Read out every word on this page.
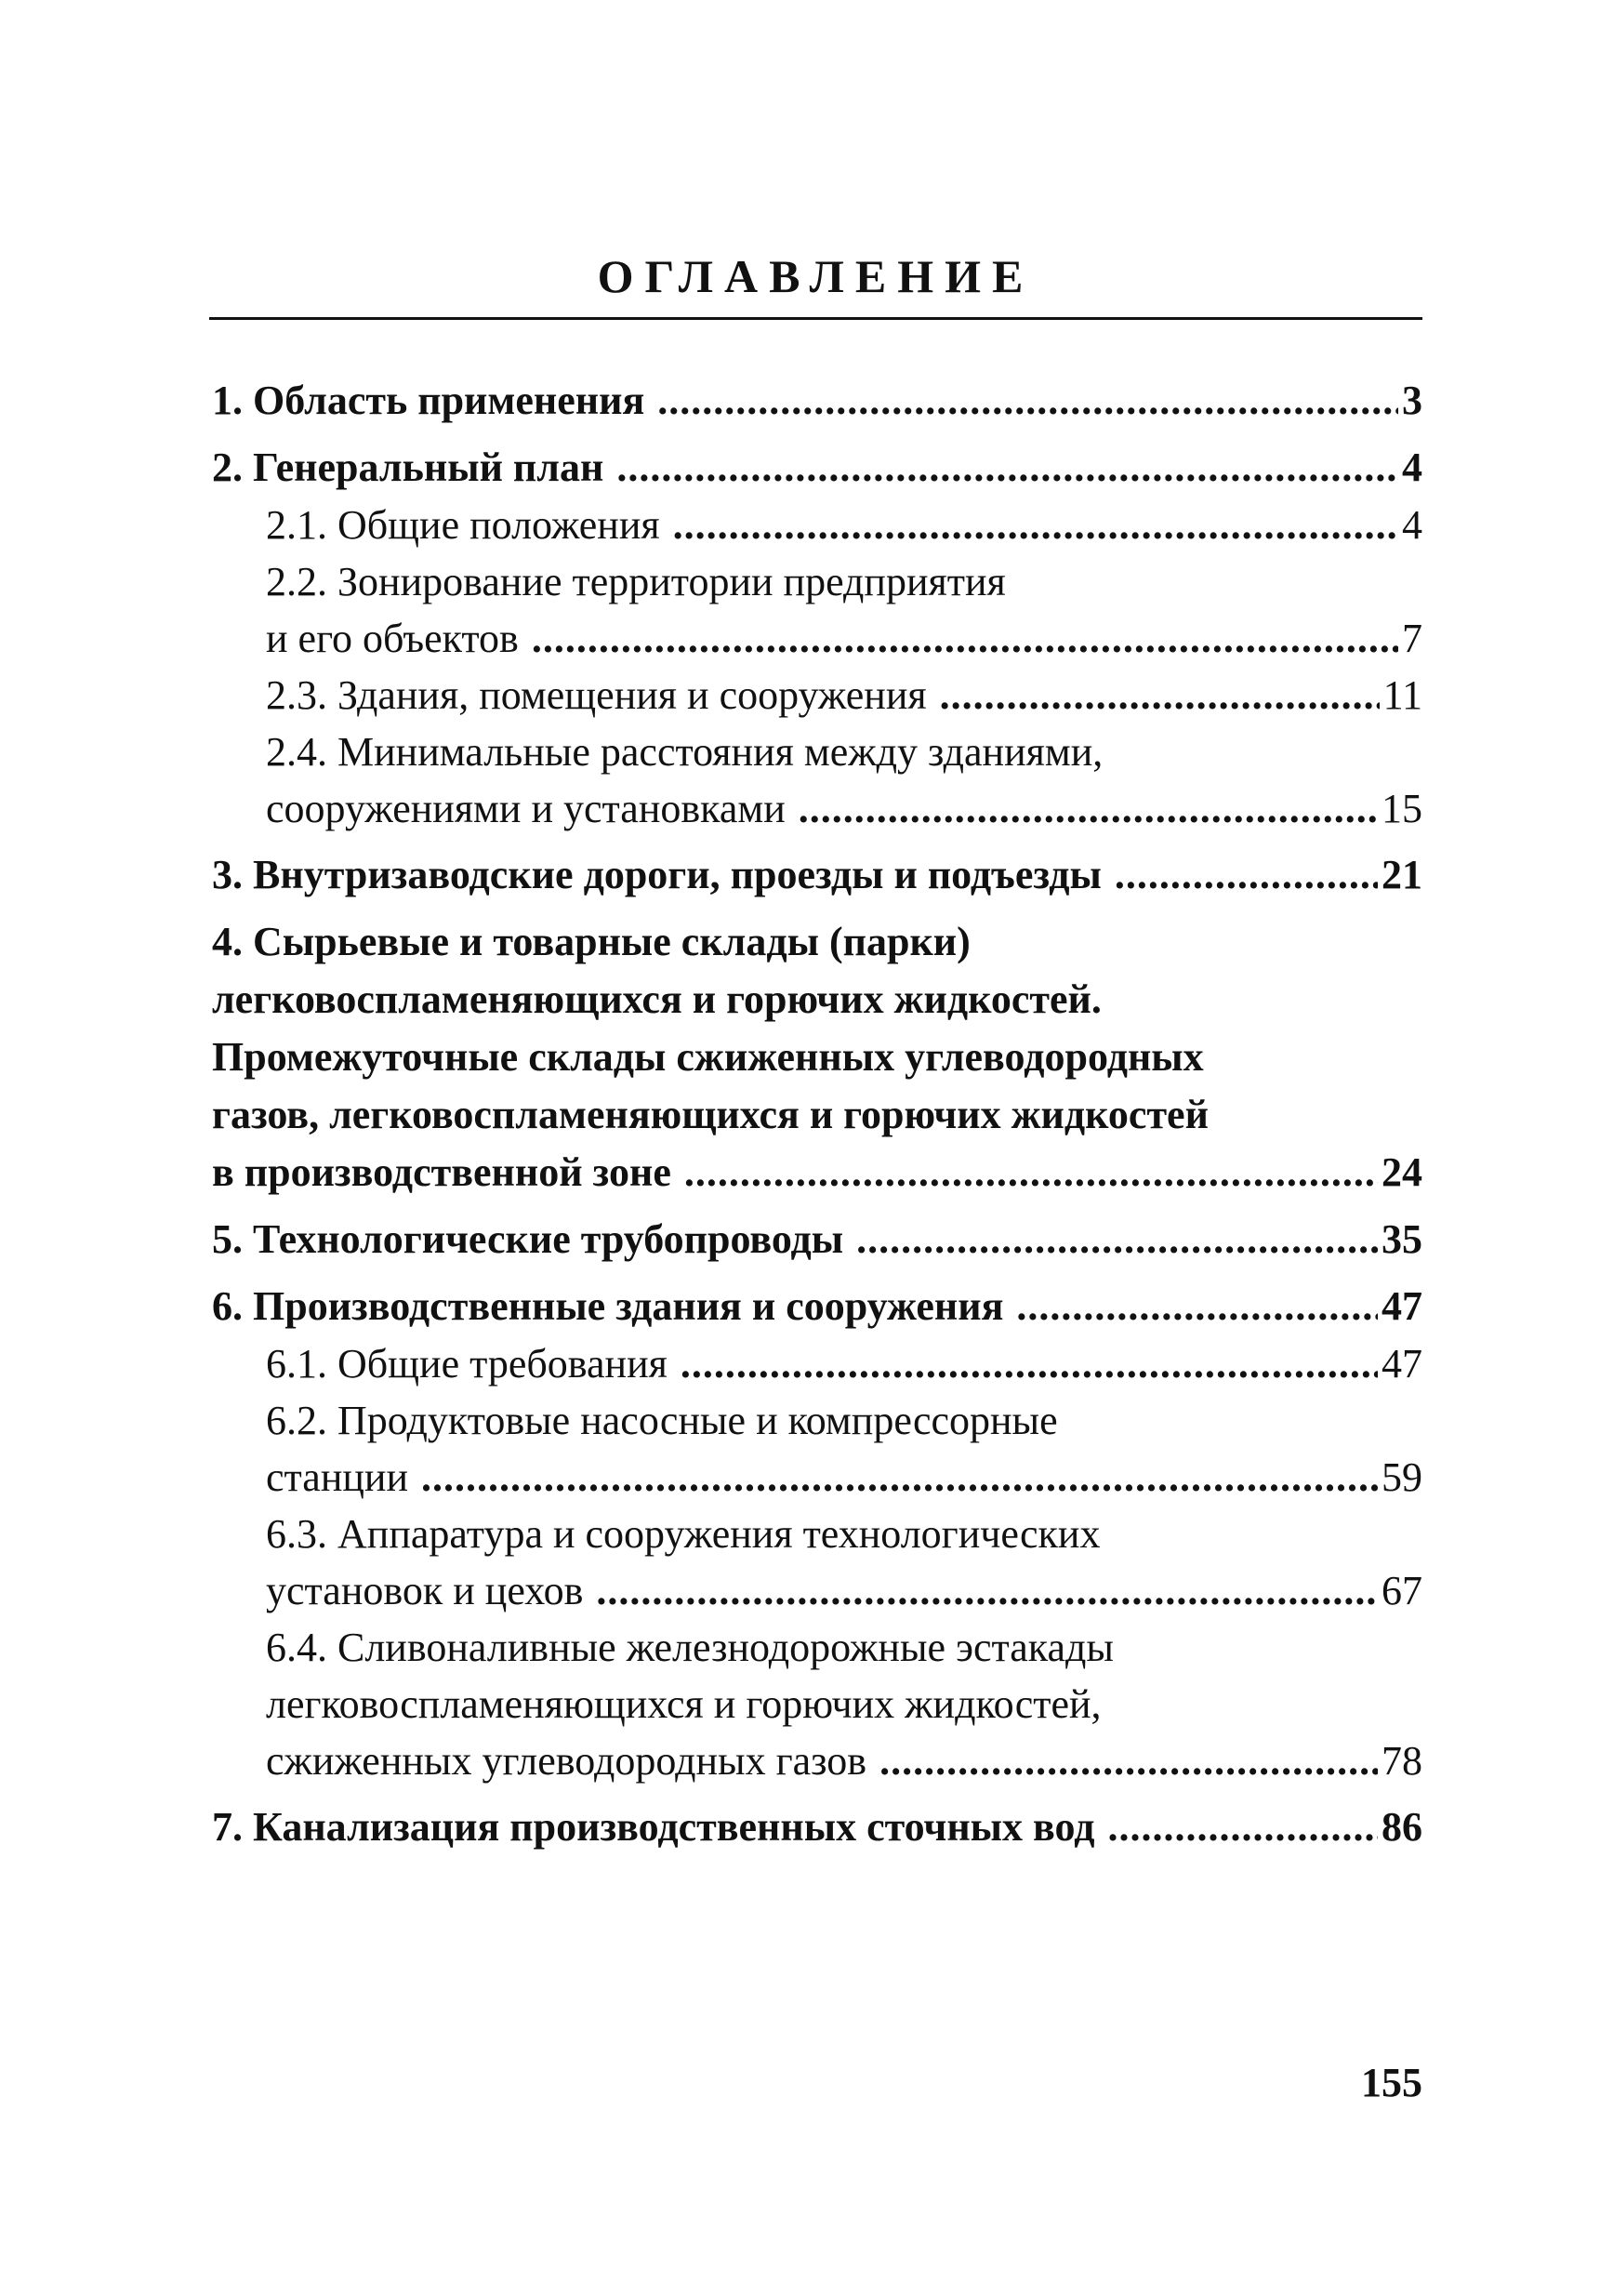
ОГЛАВЛЕНИЕ
1. Область применения .....	3
2. Генеральный план .....	4
2.1. Общие положения .....	4
2.2. Зонирование территории предприятия
и его объектов .....	7
2.3. Здания, помещения и сооружения .....	11
2.4. Минимальные расстояния между зданиями,
сооружениями и установками .....	15
3. Внутризаводские дороги, проезды и подъезды .....	21
4. Сырьевые и товарные склады (парки)
легковоспламеняющихся и горючих жидкостей.
Промежуточные склады сжиженных углеводородных
газов, легковоспламеняющихся и горючих жидкостей
в производственной зоне .....	24
5. Технологические трубопроводы .....	35
6. Производственные здания и сооружения .....	47
6.1. Общие требования .....	47
6.2. Продуктовые насосные и компрессорные
станции .....	59
6.3. Аппаратура и сооружения технологических
установок и цехов .....	67
6.4. Сливоналивные железнодорожные эстакады
легковоспламеняющихся и горючих жидкостей,
сжиженных углеводородных газов .....	78
7. Канализация производственных сточных вод .....	86
155
